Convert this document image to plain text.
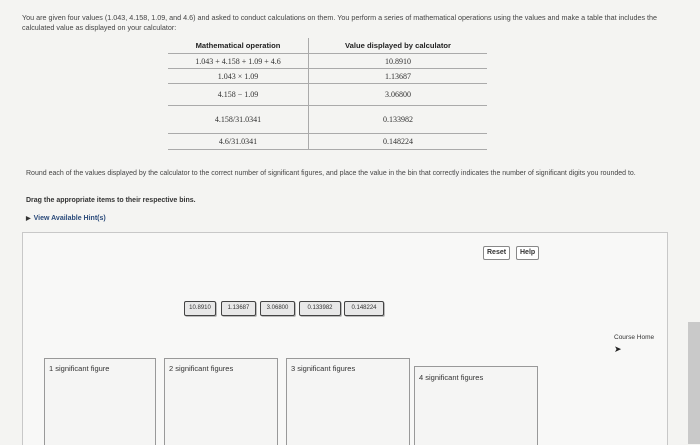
You are given four values (1.043, 4.158, 1.09, and 4.6) and asked to conduct calculations on them. You perform a series of mathematical operations using the values and make a table that includes the calculated value as displayed on your calculator:
Mathematical operation	Value displayed by calculator
1.043 + 4.158 + 1.09 + 4.6	10.8910
1.043 × 1.09	1.13687
4.158 − 1.09	3.06800
4.158/31.0341	0.133982
4.6/31.0341	0.148224
Round each of the values displayed by the calculator to the correct number of significant figures, and place the value in the bin that correctly indicates the number of significant digits you rounded to.
Drag the appropriate items to their respective bins.
▶ View Available Hint(s)
Reset	Help
10.8910	1.13687	3.06800	0.133982	0.148224
1 significant figure	2 significant figures	3 significant figures
4 significant figures
Course Home
➤
